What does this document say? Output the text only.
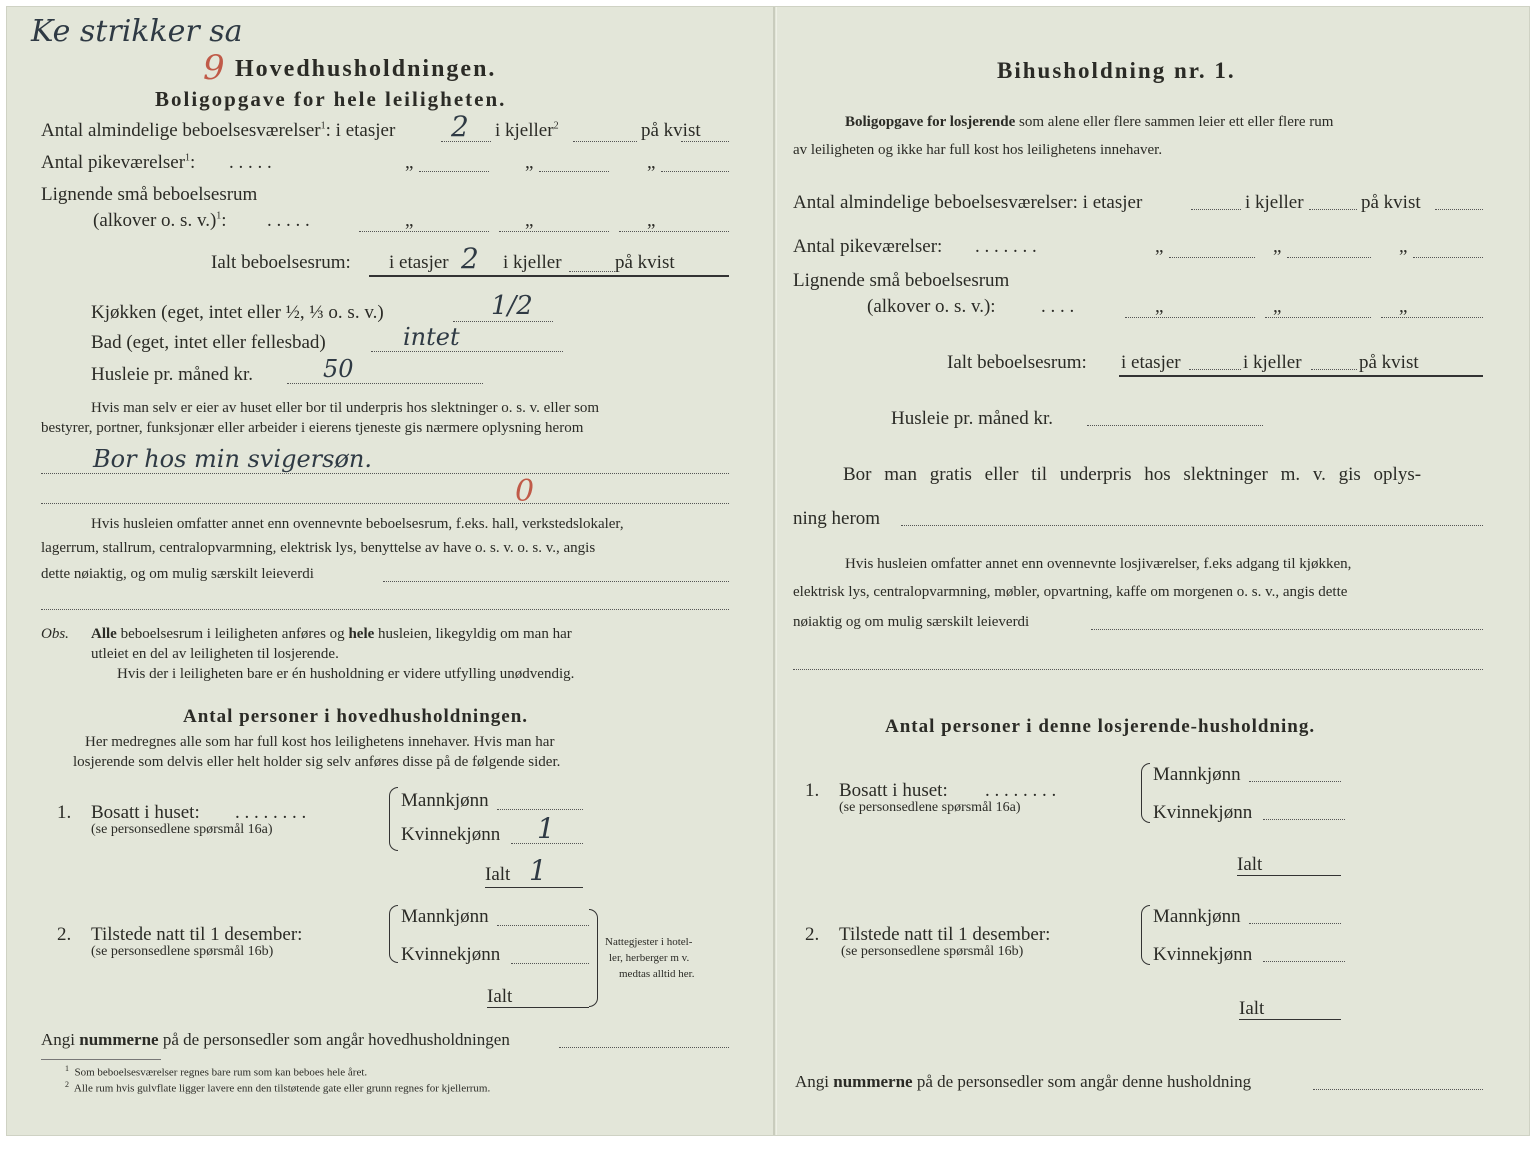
Ke strikker sa
9 Hovedhusholdningen.
Boligopgave for hele leiligheten.
Antal almindelige beboelsesværelser$^1$: i etasjer 2 i kjeller$^2$	på kvist
Antal pikeværelser$^1$: . . . . .	„	„	„
Lignende små beboelsesrum
(alkover o. s. v.)$^1$: . . . . .	„	„	„
Ialt beboelsesrum: i etasjer 2 i kjeller	på kvist
Kjøkken (eget, intet eller ½, ⅓ o. s. v.)	1/2
Bad (eget, intet eller fellesbad)	intet
Husleie pr. måned kr.	50
Hvis man selv er eier av huset eller bor til underpris hos slektninger o. s. v. eller som
bestyrer, portner, funksjonær eller arbeider i eierens tjeneste gis nærmere oplysning herom
Bor hos min svigersøn.
0
Hvis husleien omfatter annet enn ovennevnte beboelsesrum, f.eks. hall, verkstedslokaler,
lagerrum, stallrum, centralopvarmning, elektrisk lys, benyttelse av have o. s. v. o. s. v., angis
dette nøiaktig, og om mulig særskilt leieverdi
Obs. Alle beboelsesrum i leiligheten anføres og hele husleien, likegyldig om man har
utleiet en del av leiligheten til losjerende.
Hvis der i leiligheten bare er én husholdning er videre utfylling unødvendig.
Antal personer i hovedhusholdningen.
Her medregnes alle som har full kost hos leilighetens innehaver. Hvis man har
losjerende som delvis eller helt holder sig selv anføres disse på de følgende sider.
1. Bosatt i huset: . . . . . . . .
(se personsedlene spørsmål 16a)
Mannkjønn
Kvinnekjønn 1
Ialt 1
2. Tilstede natt til 1 desember:
(se personsedlene spørsmål 16b)
Mannkjønn
Kvinnekjønn
Ialt
Nattegjester i hotel-
ler, herberger m v.
medtas alltid her.
Angi nummerne på de personsedler som angår hovedhusholdningen
$^1$ Som beboelsesværelser regnes bare rum som kan beboes hele året.
$^2$ Alle rum hvis gulvflate ligger lavere enn den tilstøtende gate eller grunn regnes for kjellerrum.
Bihusholdning nr. 1.
Boligopgave for losjerende som alene eller flere sammen leier ett eller flere rum
av leiligheten og ikke har full kost hos leilighetens innehaver.
Antal almindelige beboelsesværelser: i etasjer	i kjeller	på kvist
Antal pikeværelser: . . . . . . .	„	„	„
Lignende små beboelsesrum
(alkover o. s. v.): . . . .	„	„	„
Ialt beboelsesrum: i etasjer	i kjeller	på kvist
Husleie pr. måned kr.
Bor man gratis eller til underpris hos slektninger m. v. gis oplys-
ning herom
Hvis husleien omfatter annet enn ovennevnte losjiværelser, f.eks adgang til kjøkken,
elektrisk lys, centralopvarmning, møbler, opvartning, kaffe om morgenen o. s. v., angis dette
nøiaktig og om mulig særskilt leieverdi
Antal personer i denne losjerende-husholdning.
1. Bosatt i huset: . . . . . . . .
(se personsedlene spørsmål 16a)
Mannkjønn
Kvinnekjønn
Ialt
2. Tilstede natt til 1 desember:
(se personsedlene spørsmål 16b)
Mannkjønn
Kvinnekjønn
Ialt
Angi nummerne på de personsedler som angår denne husholdning
